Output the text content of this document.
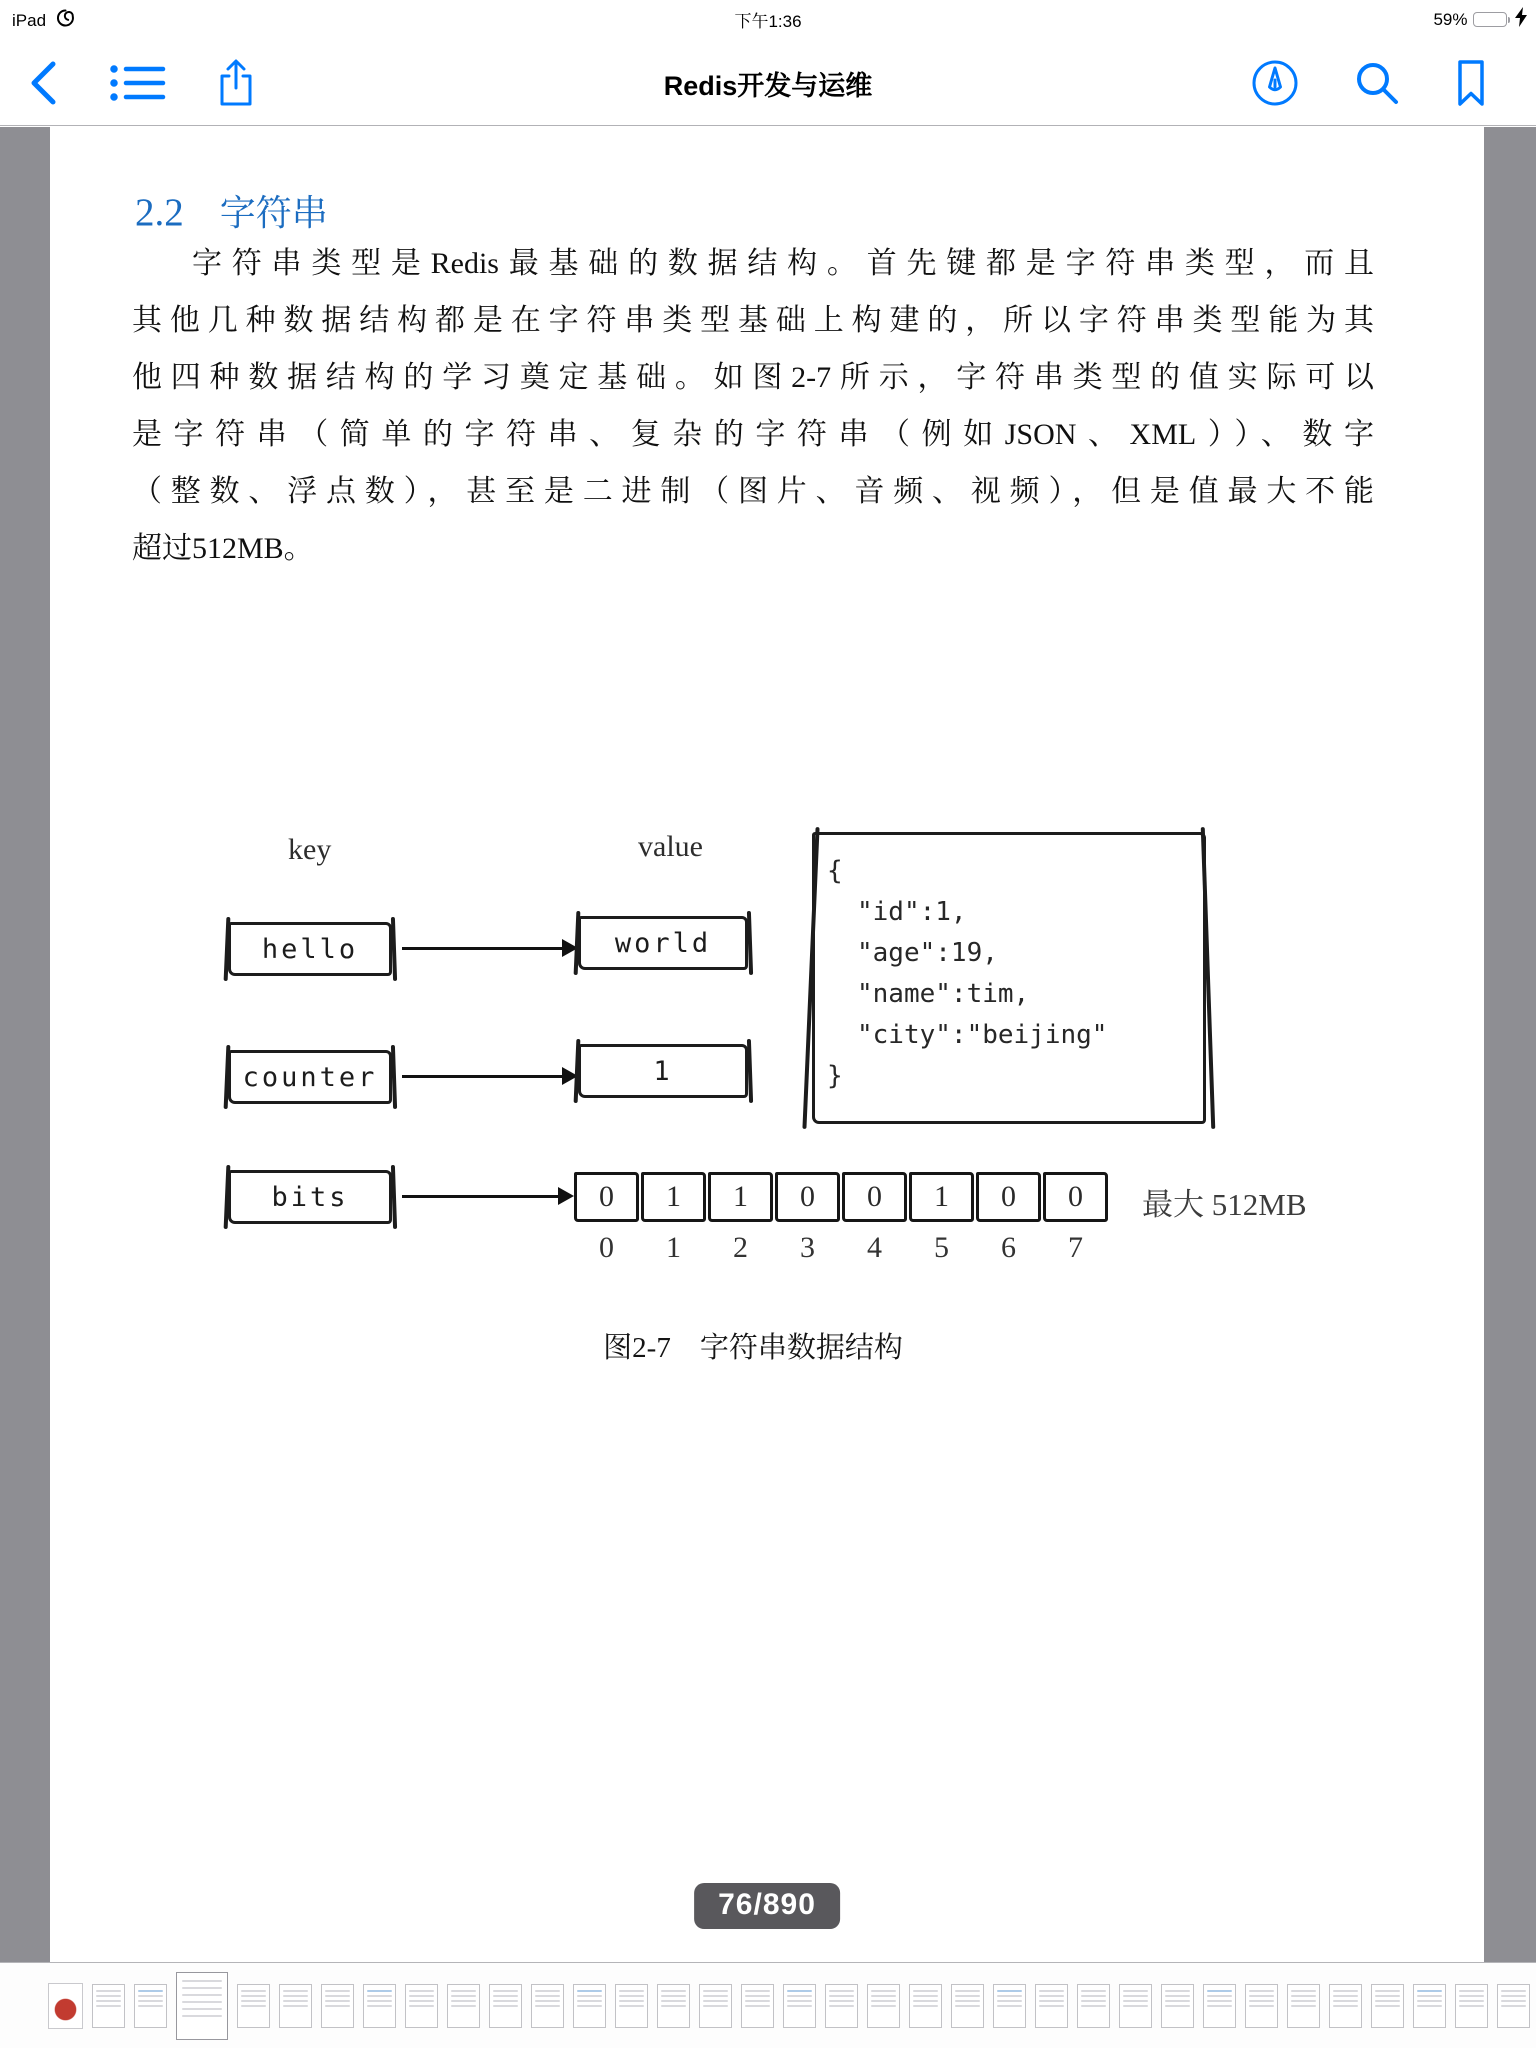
iPad	下午1:36	59%
Redis开发与运维
2.2 字符串
字符串类型是Redis最基础的数据结构。首先键都是字符串类型，而且
其他几种数据结构都是在字符串类型基础上构建的，所以字符串类型能为其
他四种数据结构的学习奠定基础。如图2-7所示，字符串类型的值实际可以
是字符串（简单的字符串、复杂的字符串（例如JSON、XML））、数字
（整数、浮点数），甚至是二进制（图片、音频、视频），但是值最大不能
超过512MB。
key	value
hello	world
counter	1
{
"id":1,
"age":19,
"name":tim,
"city":"beijing"
}
bits	0	1	1	0	0	1	0	0
0	1	2	3	4	5	6	7
最大 512MB
图2-7　字符串数据结构
76/890
